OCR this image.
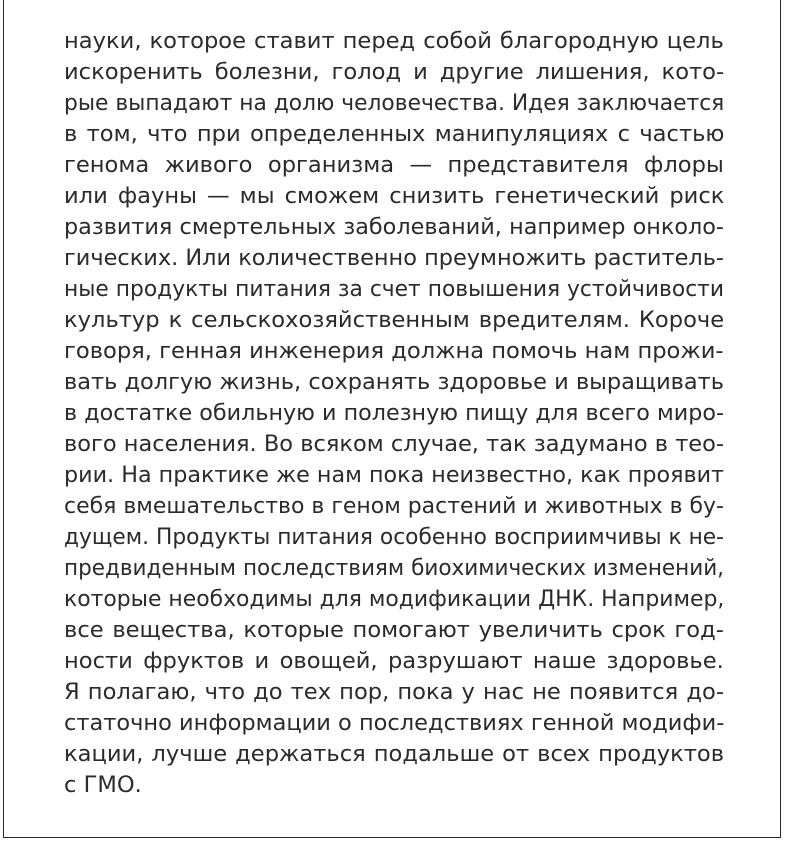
науки, которое ставит перед собой благородную цель
искоренить болезни, голод и другие лишения, кото-
рые выпадают на долю человечества. Идея заключается
в том, что при определенных манипуляциях с частью
генома живого организма — представителя флоры
или фауны — мы сможем снизить генетический риск
развития смертельных заболеваний, например онколо-
гических. Или количественно преумножить раститель-
ные продукты питания за счет повышения устойчивости
культур к сельскохозяйственным вредителям. Короче
говоря, генная инженерия должна помочь нам прожи-
вать долгую жизнь, сохранять здоровье и выращивать
в достатке обильную и полезную пищу для всего миро-
вого населения. Во всяком случае, так задумано в тео-
рии. На практике же нам пока неизвестно, как проявит
себя вмешательство в геном растений и животных в бу-
дущем. Продукты питания особенно восприимчивы к не-
предвиденным последствиям биохимических изменений,
которые необходимы для модификации ДНК. Например,
все вещества, которые помогают увеличить срок год-
ности фруктов и овощей, разрушают наше здоровье.
Я полагаю, что до тех пор, пока у нас не появится до-
статочно информации о последствиях генной модифи-
кации, лучше держаться подальше от всех продуктов
с ГМО.
